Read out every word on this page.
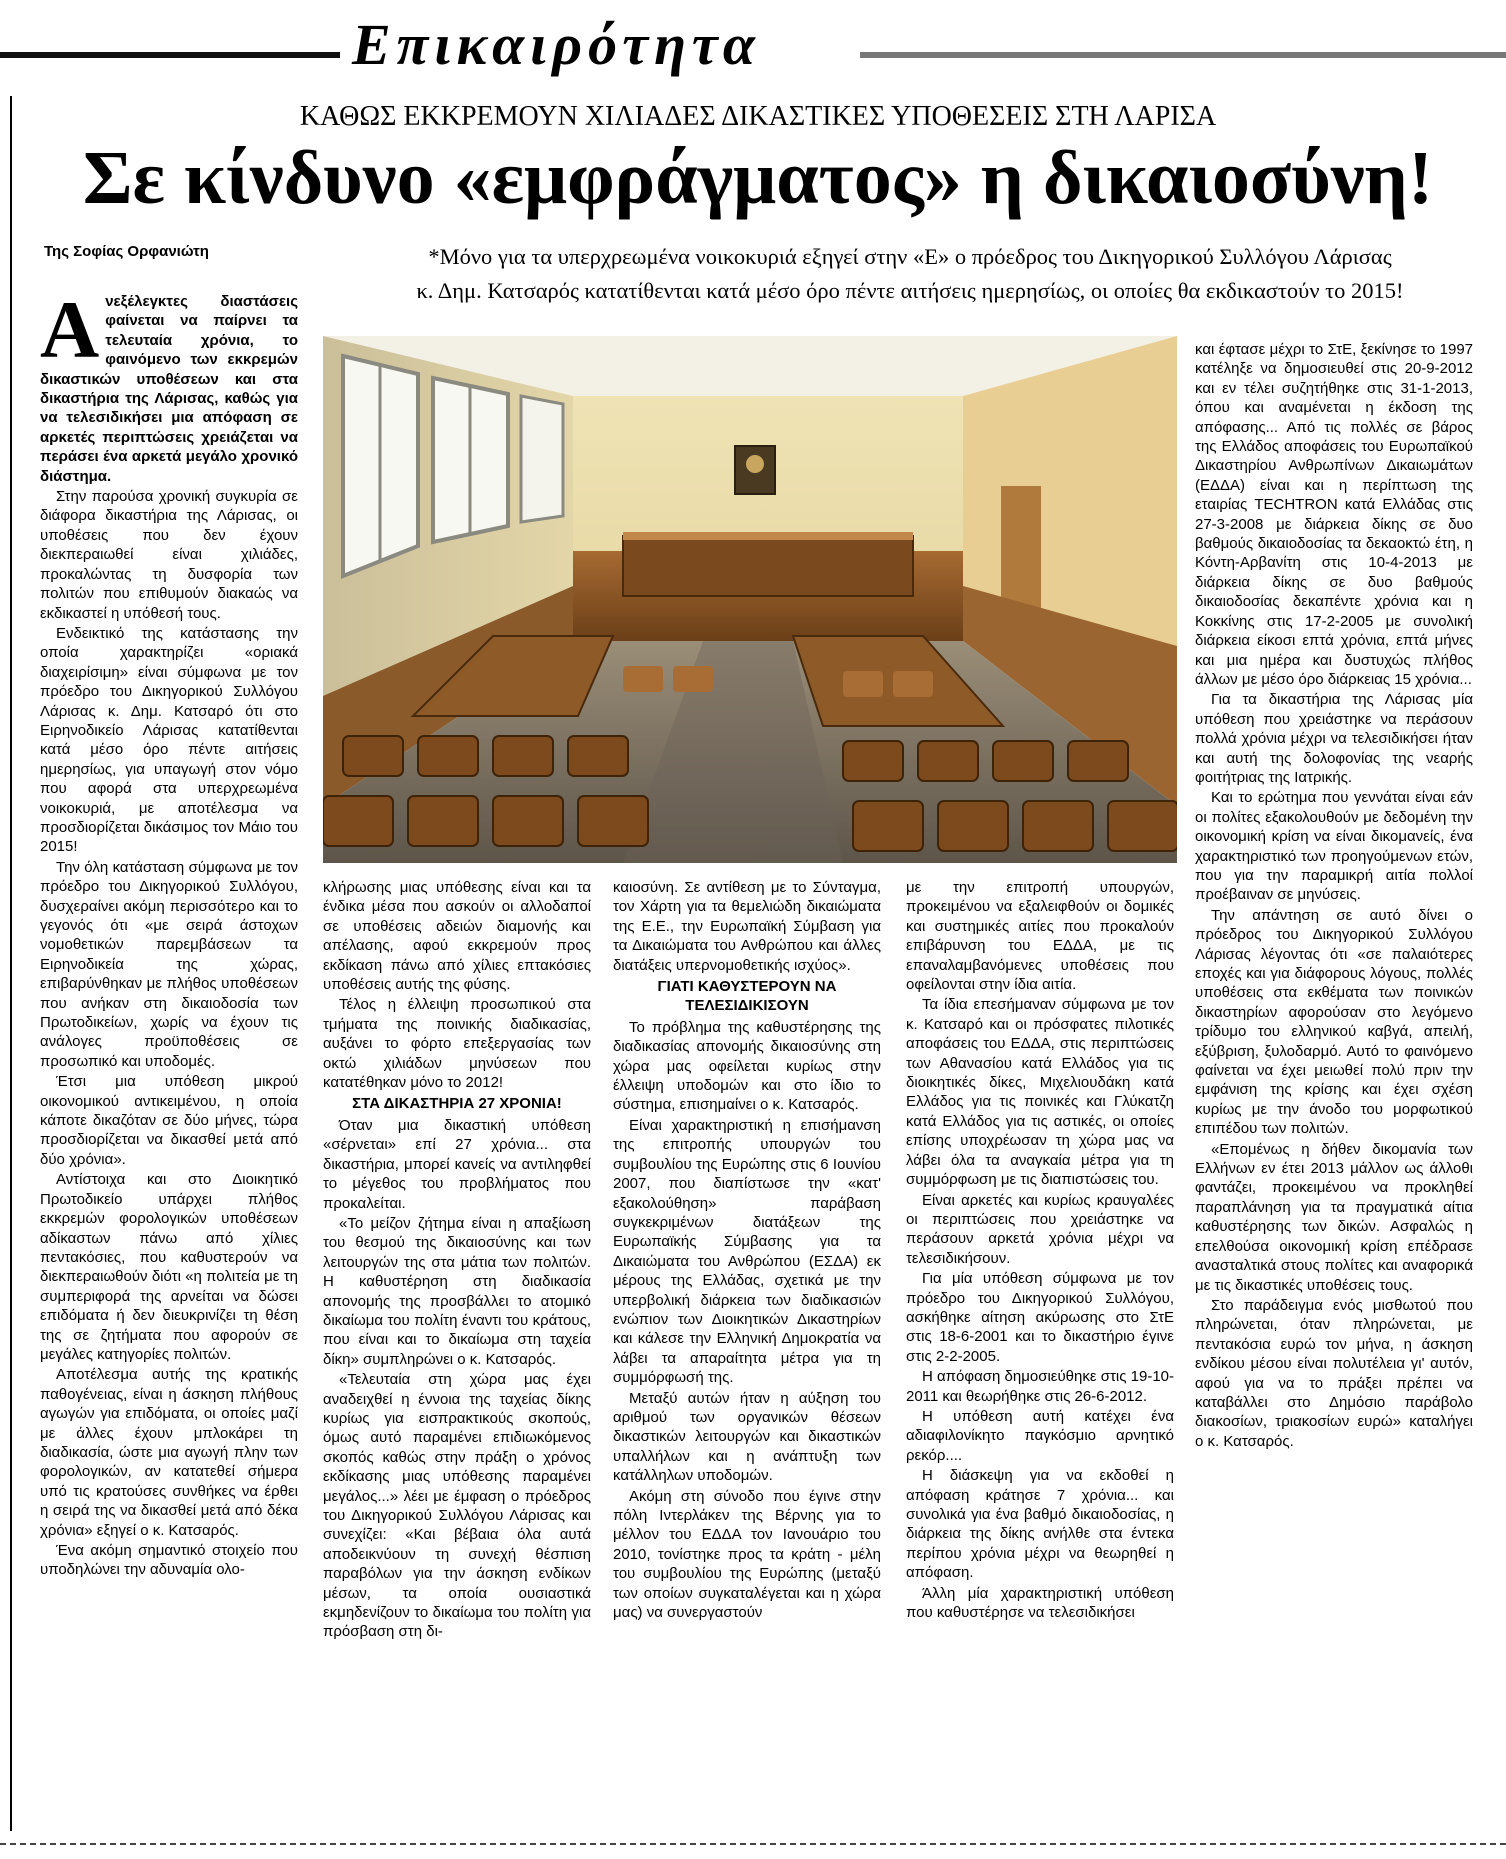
Επικαιρότητα
ΚΑΘΩΣ ΕΚΚΡΕΜΟΥΝ ΧΙΛΙΑΔΕΣ ΔΙΚΑΣΤΙΚΕΣ ΥΠΟΘΕΣΕΙΣ ΣΤΗ ΛΑΡΙΣΑ
Σε κίνδυνο «εμφράγματος» η δικαιοσύνη!
Της Σοφίας Ορφανιώτη	*Μόνο για τα υπερχρεωμένα νοικοκυριά εξηγεί στην «Ε» ο πρόεδρος του Δικηγορικού Συλλόγου Λάρισας
κ. Δημ. Κατσαρός κατατίθενται κατά μέσο όρο πέντε αιτήσεις ημερησίως, οι οποίες θα εκδικαστούν το 2015!

Ανεξέλεγκτες διαστάσεις φαίνεται να παίρνει τα τελευταία χρόνια, το φαινόμενο των εκκρεμών δικαστικών υποθέσεων και στα δικαστήρια της Λάρισας, καθώς για να τελεσιδικήσει μια απόφαση σε αρκετές περιπτώσεις χρειάζεται να περάσει ένα αρκετά μεγάλο χρονικό διάστημα.

Στην παρούσα χρονική συγκυρία σε διάφορα δικαστήρια της Λάρισας, οι υποθέσεις που δεν έχουν διεκπεραιωθεί είναι χιλιάδες, προκαλώντας τη δυσφορία των πολιτών που επιθυμούν διακαώς να εκδικαστεί η υπόθεσή τους.

Ενδεικτικό της κατάστασης την οποία χαρακτηρίζει «οριακά διαχειρίσιμη» είναι σύμφωνα με τον πρόεδρο του Δικηγορικού Συλλόγου Λάρισας κ. Δημ. Κατσαρό ότι στο Ειρηνοδικείο Λάρισας κατατίθενται κατά μέσο όρο πέντε αιτήσεις ημερησίως, για υπαγωγή στον νόμο που αφορά στα υπερχρεωμένα νοικοκυριά, με αποτέλεσμα να προσδιορίζεται δικάσιμος τον Μάιο του 2015!

Την όλη κατάσταση σύμφωνα με τον πρόεδρο του Δικηγορικού Συλλόγου, δυσχεραίνει ακόμη περισσότερο και το γεγονός ότι «με σειρά άστοχων νομοθετικών παρεμβάσεων τα Ειρηνοδικεία της χώρας, επιβαρύνθηκαν με πλήθος υποθέσεων που ανήκαν στη δικαιοδοσία των Πρωτοδικείων, χωρίς να έχουν τις ανάλογες προϋποθέσεις σε προσωπικό και υποδομές.

Έτσι μια υπόθεση μικρού οικονομικού αντικειμένου, η οποία κάποτε δικαζόταν σε δύο μήνες, τώρα προσδιορίζεται να δικασθεί μετά από δύο χρόνια».

Αντίστοιχα και στο Διοικητικό Πρωτοδικείο υπάρχει πλήθος εκκρεμών φορολογικών υποθέσεων αδίκαστων πάνω από χίλιες πεντακόσιες, που καθυστερούν να διεκπεραιωθούν διότι «η πολιτεία με τη συμπεριφορά της αρνείται να δώσει επιδόματα ή δεν διευκρινίζει τη θέση της σε ζητήματα που αφορούν σε μεγάλες κατηγορίες πολιτών.

Αποτέλεσμα αυτής της κρατικής παθογένειας, είναι η άσκηση πλήθους αγωγών για επιδόματα, οι οποίες μαζί με άλλες έχουν μπλοκάρει τη διαδικασία, ώστε μια αγωγή πλην των φορολογικών, αν κατατεθεί σήμερα υπό τις κρατούσες συνθήκες να έρθει η σειρά της να δικασθεί μετά από δέκα χρόνια» εξηγεί ο κ. Κατσαρός.

Ένα ακόμη σημαντικό στοιχείο που υποδηλώνει την αδυναμία ολο-

κλήρωσης μιας υπόθεσης είναι και τα ένδικα μέσα που ασκούν οι αλλοδαποί σε υποθέσεις αδειών διαμονής και απέλασης, αφού εκκρεμούν προς εκδίκαση πάνω από χίλιες επτακόσιες υποθέσεις αυτής της φύσης.

Τέλος η έλλειψη προσωπικού στα τμήματα της ποινικής διαδικασίας, αυξάνει το φόρτο επεξεργασίας των οκτώ χιλιάδων μηνύσεων που κατατέθηκαν μόνο το 2012!

ΣΤΑ ΔΙΚΑΣΤΗΡΙΑ 27 ΧΡΟΝΙΑ!

Όταν μια δικαστική υπόθεση «σέρνεται» επί 27 χρόνια... στα δικαστήρια, μπορεί κανείς να αντιληφθεί το μέγεθος του προβλήματος που προκαλείται.

«Το μείζον ζήτημα είναι η απαξίωση του θεσμού της δικαιοσύνης και των λειτουργών της στα μάτια των πολιτών. Η καθυστέρηση στη διαδικασία απονομής της προσβάλλει το ατομικό δικαίωμα του πολίτη έναντι του κράτους, που είναι και το δικαίωμα στη ταχεία δίκη» συμπληρώνει ο κ. Κατσαρός.

«Τελευταία στη χώρα μας έχει αναδειχθεί η έννοια της ταχείας δίκης κυρίως για εισπρακτικούς σκοπούς, όμως αυτό παραμένει επιδιωκόμενος σκοπός καθώς στην πράξη ο χρόνος εκδίκασης μιας υπόθεσης παραμένει μεγάλος...» λέει με έμφαση ο πρόεδρος του Δικηγορικού Συλλόγου Λάρισας και συνεχίζει: «Και βέβαια όλα αυτά αποδεικνύουν τη συνεχή θέσπιση παραβόλων για την άσκηση ενδίκων μέσων, τα οποία ουσιαστικά εκμηδενίζουν το δικαίωμα του πολίτη για πρόσβαση στη δι-

καιοσύνη. Σε αντίθεση με το Σύνταγμα, τον Χάρτη για τα θεμελιώδη δικαιώματα της Ε.Ε., την Ευρωπαϊκή Σύμβαση για τα Δικαιώματα του Ανθρώπου και άλλες διατάξεις υπερνομοθετικής ισχύος».

ΓΙΑΤΙ ΚΑΘΥΣΤΕΡΟΥΝ ΝΑ ΤΕΛΕΣΙΔΙΚΙΣΟΥΝ

Το πρόβλημα της καθυστέρησης της διαδικασίας απονομής δικαιοσύνης στη χώρα μας οφείλεται κυρίως στην έλλειψη υποδομών και στο ίδιο το σύστημα, επισημαίνει ο κ. Κατσαρός.

Είναι χαρακτηριστική η επισήμανση της επιτροπής υπουργών του συμβουλίου της Ευρώπης στις 6 Ιουνίου 2007, που διαπίστωσε την «κατ' εξακολούθηση» παράβαση συγκεκριμένων διατάξεων της Ευρωπαϊκής Σύμβασης για τα Δικαιώματα του Ανθρώπου (ΕΣΔΑ) εκ μέρους της Ελλάδας, σχετικά με την υπερβολική διάρκεια των διαδικασιών ενώπιον των Διοικητικών Δικαστηρίων και κάλεσε την Ελληνική Δημοκρατία να λάβει τα απαραίτητα μέτρα για τη συμμόρφωσή της.

Μεταξύ αυτών ήταν η αύξηση του αριθμού των οργανικών θέσεων δικαστικών λειτουργών και δικαστικών υπαλλήλων και η ανάπτυξη των κατάλληλων υποδομών.

Ακόμη στη σύνοδο που έγινε στην πόλη Ιντερλάκεν της Βέρνης για το μέλλον του ΕΔΔΑ τον Ιανουάριο του 2010, τονίστηκε προς τα κράτη - μέλη του συμβουλίου της Ευρώπης (μεταξύ των οποίων συγκαταλέγεται και η χώρα μας) να συνεργαστούν

με την επιτροπή υπουργών, προκειμένου να εξαλειφθούν οι δομικές και συστημικές αιτίες που προκαλούν επιβάρυνση του ΕΔΔΑ, με τις επαναλαμβανόμενες υποθέσεις που οφείλονται στην ίδια αιτία.

Τα ίδια επεσήμαναν σύμφωνα με τον κ. Κατσαρό και οι πρόσφατες πιλοτικές αποφάσεις του ΕΔΔΑ, στις περιπτώσεις των Αθανασίου κατά Ελλάδος για τις διοικητικές δίκες, Μιχελιουδάκη κατά Ελλάδος για τις ποινικές και Γλύκατζη κατά Ελλάδος για τις αστικές, οι οποίες επίσης υποχρέωσαν τη χώρα μας να λάβει όλα τα αναγκαία μέτρα για τη συμμόρφωση με τις διαπιστώσεις του.

Είναι αρκετές και κυρίως κραυγαλέες οι περιπτώσεις που χρειάστηκε να περάσουν αρκετά χρόνια μέχρι να τελεσιδικήσουν.

Για μία υπόθεση σύμφωνα με τον πρόεδρο του Δικηγορικού Συλλόγου, ασκήθηκε αίτηση ακύρωσης στο ΣτΕ στις 18-6-2001 και το δικαστήριο έγινε στις 2-2-2005.

Η απόφαση δημοσιεύθηκε στις 19-10-2011 και θεωρήθηκε στις 26-6-2012.

Η υπόθεση αυτή κατέχει ένα αδιαφιλονίκητο παγκόσμιο αρνητικό ρεκόρ....

Η διάσκεψη για να εκδοθεί η απόφαση κράτησε 7 χρόνια... και συνολικά για ένα βαθμό δικαιοδοσίας, η διάρκεια της δίκης ανήλθε στα έντεκα περίπου χρόνια μέχρι να θεωρηθεί η απόφαση.

Άλλη μία χαρακτηριστική υπόθεση που καθυστέρησε να τελεσιδικήσει

και έφτασε μέχρι το ΣτΕ, ξεκίνησε το 1997 κατέληξε να δημοσιευθεί στις 20-9-2012 και εν τέλει συζητήθηκε στις 31-1-2013, όπου και αναμένεται η έκδοση της απόφασης... Από τις πολλές σε βάρος της Ελλάδος αποφάσεις του Ευρωπαϊκού Δικαστηρίου Ανθρωπίνων Δικαιωμάτων (ΕΔΔΑ) είναι και η περίπτωση της εταιρίας TECHTRON κατά Ελλάδας στις 27-3-2008 με διάρκεια δίκης σε δυο βαθμούς δικαιοδοσίας τα δεκαοκτώ έτη, η Κόντη-Αρβανίτη στις 10-4-2013 με διάρκεια δίκης σε δυο βαθμούς δικαιοδοσίας δεκαπέντε χρόνια και η Κοκκίνης στις 17-2-2005 με συνολική διάρκεια είκοσι επτά χρόνια, επτά μήνες και μια ημέρα και δυστυχώς πλήθος άλλων με μέσο όρο διάρκειας 15 χρόνια...

Για τα δικαστήρια της Λάρισας μία υπόθεση που χρειάστηκε να περάσουν πολλά χρόνια μέχρι να τελεσιδικήσει ήταν και αυτή της δολοφονίας της νεαρής φοιτήτριας της Ιατρικής.

Και το ερώτημα που γεννάται είναι εάν οι πολίτες εξακολουθούν με δεδομένη την οικονομική κρίση να είναι δικομανείς, ένα χαρακτηριστικό των προηγούμενων ετών, που για την παραμικρή αιτία πολλοί προέβαιναν σε μηνύσεις.

Την απάντηση σε αυτό δίνει ο πρόεδρος του Δικηγορικού Συλλόγου Λάρισας λέγοντας ότι «σε παλαιότερες εποχές και για διάφορους λόγους, πολλές υποθέσεις στα εκθέματα των ποινικών δικαστηρίων αφορούσαν στο λεγόμενο τρίδυμο του ελληνικού καβγά, απειλή, εξύβριση, ξυλοδαρμό. Αυτό το φαινόμενο φαίνεται να έχει μειωθεί πολύ πριν την εμφάνιση της κρίσης και έχει σχέση κυρίως με την άνοδο του μορφωτικού επιπέδου των πολιτών.

«Επομένως η δήθεν δικομανία των Ελλήνων εν έτει 2013 μάλλον ως άλλοθι φαντάζει, προκειμένου να προκληθεί παραπλάνηση για τα πραγματικά αίτια καθυστέρησης των δικών. Ασφαλώς η επελθούσα οικονομική κρίση επέδρασε ανασταλτικά στους πολίτες και αναφορικά με τις δικαστικές υποθέσεις τους.

Στο παράδειγμα ενός μισθωτού που πληρώνεται, όταν πληρώνεται, με πεντακόσια ευρώ τον μήνα, η άσκηση ενδίκου μέσου είναι πολυτέλεια γι' αυτόν, αφού για να το πράξει πρέπει να καταβάλλει στο Δημόσιο παράβολο διακοσίων, τριακοσίων ευρώ» καταλήγει ο κ. Κατσαρός.
